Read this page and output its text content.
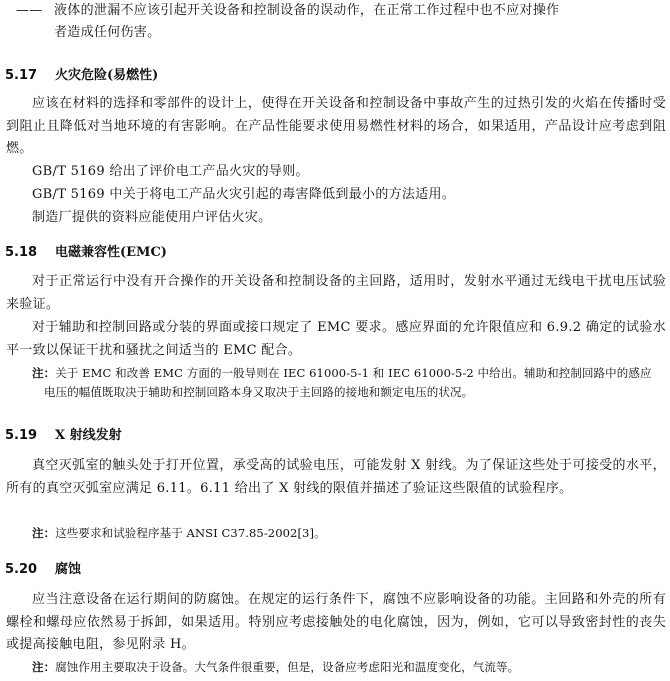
—— 液体的泄漏不应该引起开关设备和控制设备的误动作，在正常工作过程中也不应对操作
者造成任何伤害。

5.17 火灾危险(易燃性)

应该在材料的选择和零部件的设计上，使得在开关设备和控制设备中事故产生的过热引发的火焰在传播时受到阻止且降低对当地环境的有害影响。在产品性能要求使用易燃性材料的场合，如果适用，产品设计应考虑到阻燃。

GB/T 5169 给出了评价电工产品火灾的导则。

GB/T 5169 中关于将电工产品火灾引起的毒害降低到最小的方法适用。

制造厂提供的资料应能使用户评估火灾。

5.18 电磁兼容性(EMC)

对于正常运行中没有开合操作的开关设备和控制设备的主回路，适用时，发射水平通过无线电干扰电压试验来验证。

对于辅助和控制回路或分装的界面或接口规定了 EMC 要求。感应界面的允许限值应和 6.9.2 确定的试验水平一致以保证干扰和骚扰之间适当的 EMC 配合。

注：关于 EMC 和改善 EMC 方面的一般导则在 IEC 61000-5-1 和 IEC 61000-5-2 中给出。辅助和控制回路中的感应
电压的幅值既取决于辅助和控制回路本身又取决于主回路的接地和额定电压的状况。
5.19 X 射线发射

真空灭弧室的触头处于打开位置，承受高的试验电压，可能发射 X 射线。为了保证这些处于可接受的水平，所有的真空灭弧室应满足 6.11。6.11 给出了 X 射线的限值并描述了验证这些限值的试验程序。

注：这些要求和试验程序基于 ANSI C37.85-2002[3]。
5.20 腐蚀

应当注意设备在运行期间的防腐蚀。在规定的运行条件下，腐蚀不应影响设备的功能。主回路和外壳的所有螺栓和螺母应依然易于拆卸，如果适用。特别应考虑接触处的电化腐蚀，因为，例如，它可以导致密封性的丧失或提高接触电阻，参见附录 H。

注：腐蚀作用主要取决于设备。大气条件很重要，但是，设备应考虑阳光和温度变化，气流等。
